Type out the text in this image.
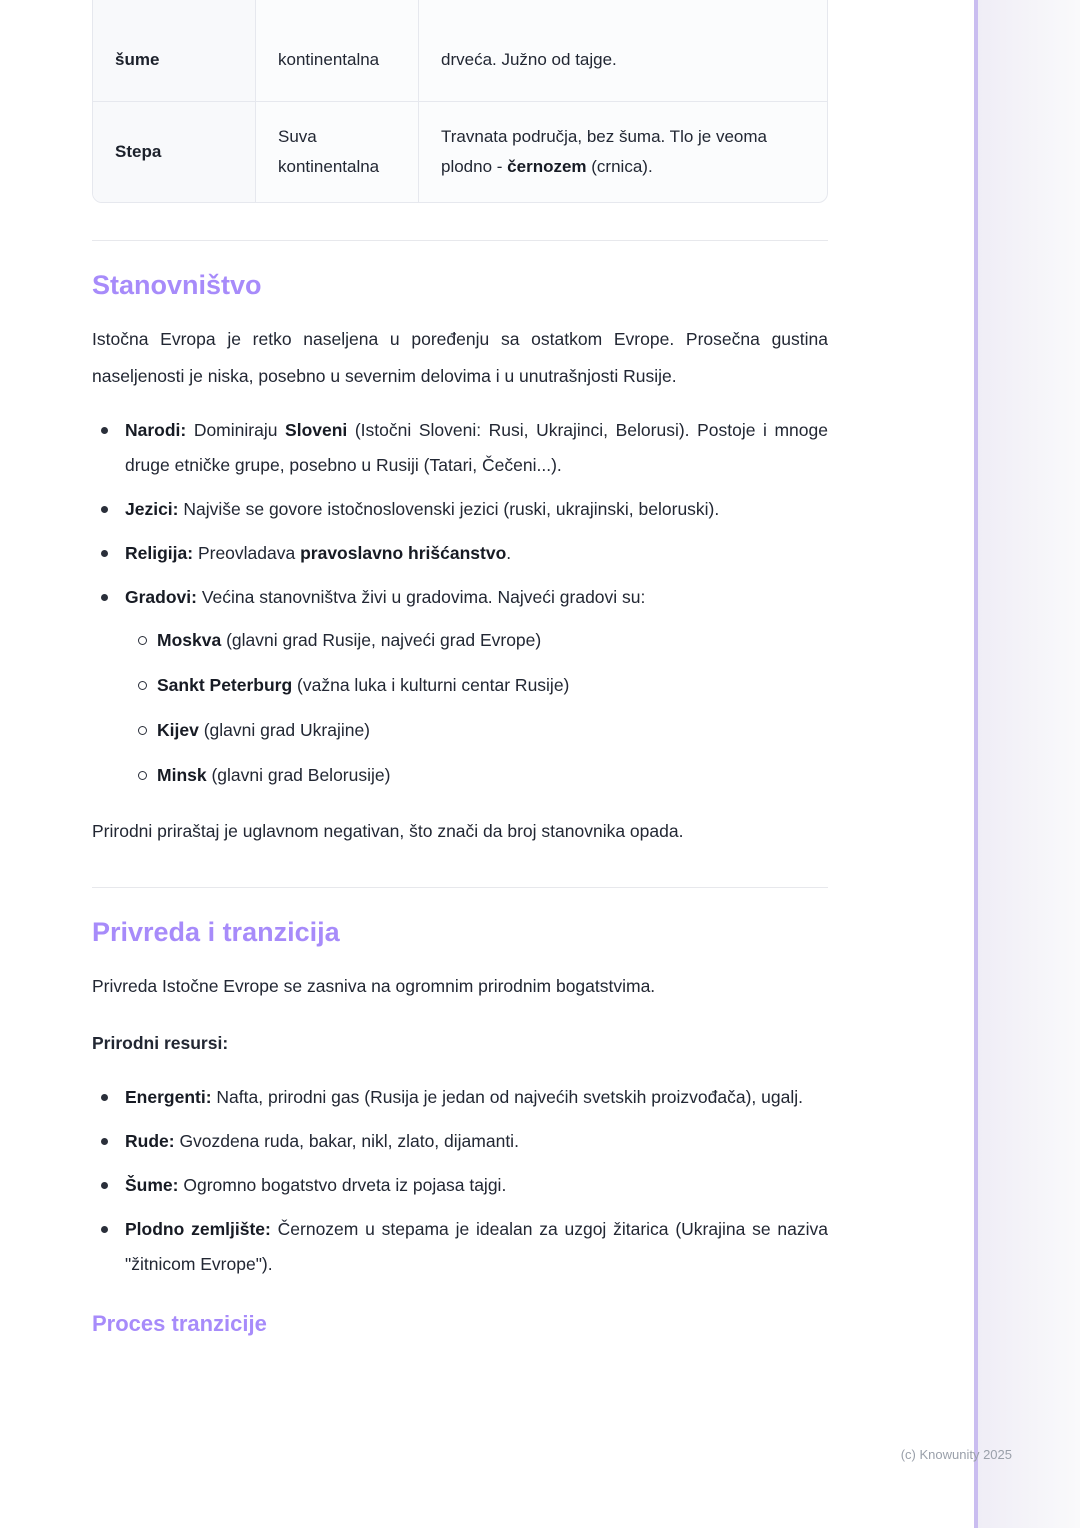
šume	kontinentalna	drveća. Južno od tajge.
Stepa	Suva kontinentalna	Travnata područja, bez šuma. Tlo je veoma plodno - černozem (crnica).
Stanovništvo

Istočna Evropa je retko naseljena u poređenju sa ostatkom Evrope. Prosečna gustina naseljenosti je niska, posebno u severnim delovima i u unutrašnjosti Rusije.

Narodi: Dominiraju Sloveni (Istočni Sloveni: Rusi, Ukrajinci, Belorusi). Postoje i mnoge druge etničke grupe, posebno u Rusiji (Tatari, Čečeni...).
Jezici: Najviše se govore istočnoslovenski jezici (ruski, ukrajinski, beloruski).
Religija: Preovladava pravoslavno hrišćanstvo.
Gradovi: Većina stanovništva živi u gradovima. Najveći gradovi su:
Moskva (glavni grad Rusije, najveći grad Evrope)
Sankt Peterburg (važna luka i kulturni centar Rusije)
Kijev (glavni grad Ukrajine)
Minsk (glavni grad Belorusije)

Prirodni priraštaj je uglavnom negativan, što znači da broj stanovnika opada.

Privreda i tranzicija

Privreda Istočne Evrope se zasniva na ogromnim prirodnim bogatstvima.

Prirodni resursi:

Energenti: Nafta, prirodni gas (Rusija je jedan od najvećih svetskih proizvođača), ugalj.
Rude: Gvozdena ruda, bakar, nikl, zlato, dijamanti.
Šume: Ogromno bogatstvo drveta iz pojasa tajgi.
Plodno zemljište: Černozem u stepama je idealan za uzgoj žitarica (Ukrajina se naziva "žitnicom Evrope").
Proces tranzicije
(c) Knowunity 2025
